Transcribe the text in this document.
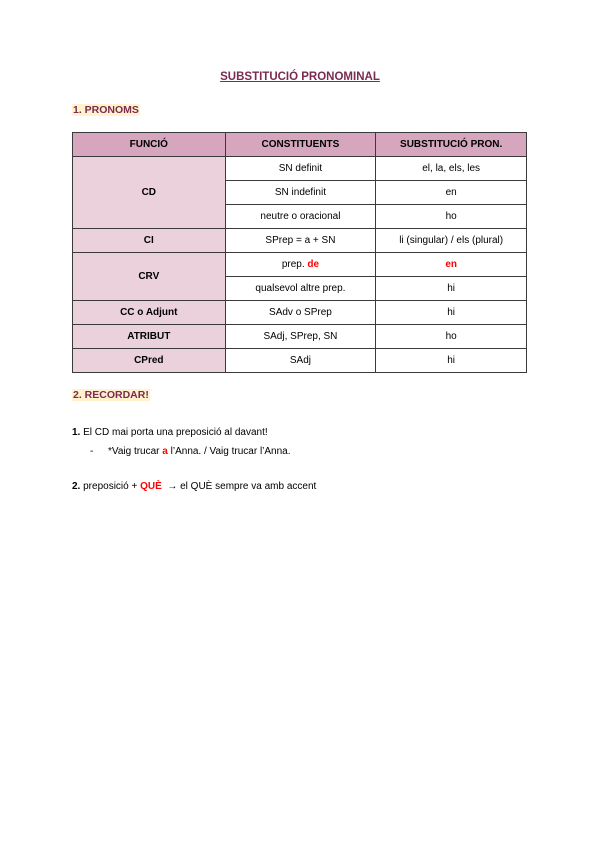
SUBSTITUCIÓ PRONOMINAL
1. PRONOMS
FUNCIÓ	CONSTITUENTS	SUBSTITUCIÓ PRON.
CD	SN definit	el, la, els, les
	SN indefinit	en
	neutre o oracional	ho
CI	SPrep = a + SN	li (singular) / els (plural)
CRV	prep. de	en
	qualsevol altre prep.	hi
CC o Adjunt	SAdv o SPrep	hi
ATRIBUT	SAdj, SPrep, SN	ho
CPred	SAdj	hi
2. RECORDAR!
1. El CD mai porta una preposició al davant!
- *Vaig trucar a l’Anna. / Vaig trucar l’Anna.
2. preposició + QUÈ  → el QUÈ sempre va amb accent
